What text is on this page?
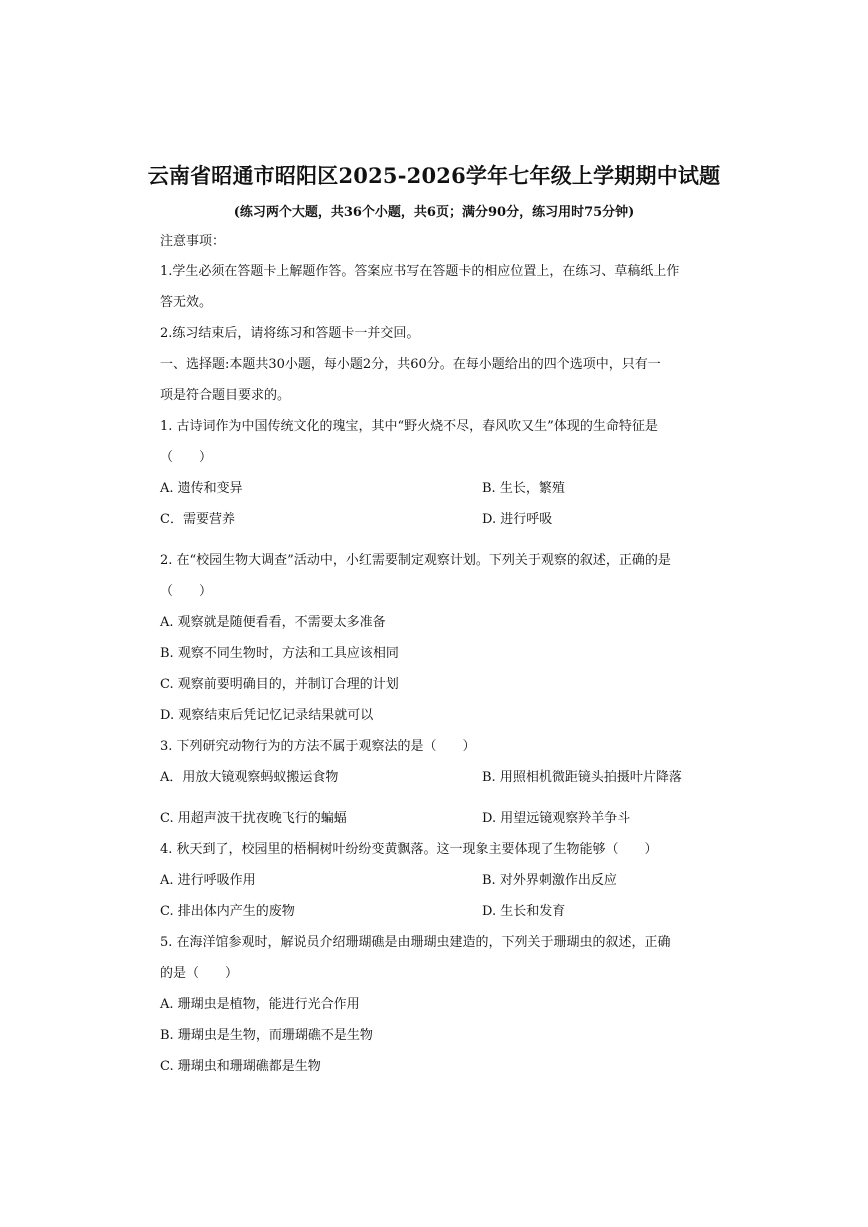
云南省昭通市昭阳区2025-2026学年七年级上学期期中试题
(练习两个大题，共36个小题，共6页；满分90分，练习用时75分钟)
注意事项：
1.学生必须在答题卡上解题作答。答案应书写在答题卡的相应位置上，在练习、草稿纸上作
答无效。
2.练习结束后，请将练习和答题卡一并交回。
一、选择题:本题共30小题，每小题2分，共60分。在每小题给出的四个选项中，只有一
项是符合题目要求的。
1. 古诗词作为中国传统文化的瑰宝，其中“野火烧不尽，春风吹又生”体现的生命特征是
（　　）
A. 遗传和变异	B. 生长，繁殖
C．需要营养	D. 进行呼吸
2. 在“校园生物大调查”活动中，小红需要制定观察计划。下列关于观察的叙述，正确的是
（　　）
A. 观察就是随便看看，不需要太多准备
B. 观察不同生物时，方法和工具应该相同
C. 观察前要明确目的，并制订合理的计划
D. 观察结束后凭记忆记录结果就可以
3. 下列研究动物行为的方法不属于观察法的是（　　）
A．用放大镜观察蚂蚁搬运食物	B. 用照相机微距镜头拍摄叶片降落
C. 用超声波干扰夜晚飞行的蝙蝠	D. 用望远镜观察羚羊争斗
4. 秋天到了，校园里的梧桐树叶纷纷变黄飘落。这一现象主要体现了生物能够（　　）
A. 进行呼吸作用	B. 对外界刺激作出反应
C. 排出体内产生的废物	D. 生长和发育
5. 在海洋馆参观时，解说员介绍珊瑚礁是由珊瑚虫建造的，下列关于珊瑚虫的叙述，正确
的是（　　）
A. 珊瑚虫是植物，能进行光合作用
B. 珊瑚虫是生物，而珊瑚礁不是生物
C. 珊瑚虫和珊瑚礁都是生物
